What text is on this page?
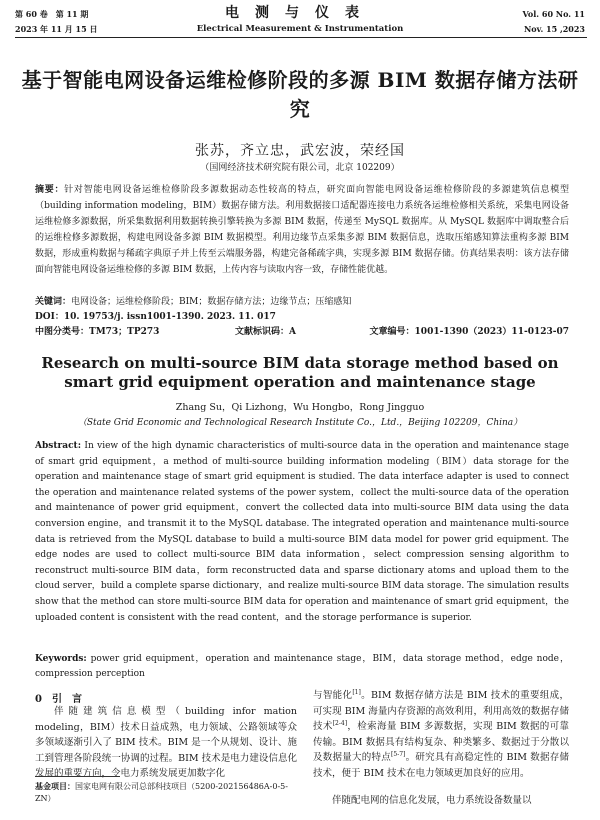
第 60 卷　第 11 期
2023 年 11 月 15 日
电测与仪表
Electrical Measurement & Instrumentation
Vol. 60 No. 11
Nov. 15 ,2023
基于智能电网设备运维检修阶段的多源 BIM 数据存储方法研究
张苏，齐立忠，武宏波，荣经国
（国网经济技术研究院有限公司，北京 102209）

摘要：针对智能电网设备运维检修阶段多源数据动态性较高的特点，研究面向智能电网设备运维检修阶段的多源建筑信息模型（building information modeling，BIM）数据存储方法。利用数据接口适配器连接电力系统各运维检修相关系统，采集电网设备运维检修多源数据，所采集数据利用数据转换引擎转换为多源 BIM 数据，传递至 MySQL 数据库。从 MySQL 数据库中调取整合后的运维检修多源数据，构建电网设备多源 BIM 数据模型。利用边缘节点采集多源 BIM 数据信息，选取压缩感知算法重构多源 BIM 数据，形成重构数据与稀疏字典原子并上传至云端服务器，构建完备稀疏字典，实现多源 BIM 数据存储。仿真结果表明：该方法存储面向智能电网设备运维检修的多源 BIM 数据，上传内容与读取内容一致，存储性能优越。

关键词：电网设备；运维检修阶段；BIM；数据存储方法；边缘节点；压缩感知
DOI：10. 19753/j. issn1001-1390. 2023. 11. 017
中图分类号：TM73；TP273	文献标识码：A	文章编号：1001-1390（2023）11-0123-07
Research on multi-source BIM data storage method based on smart grid equipment operation and maintenance stage
Zhang Su，Qi Lizhong，Wu Hongbo，Rong Jingguo
（State Grid Economic and Technological Research Institute Co.，Ltd.，Beijing 102209，China）

Abstract: In view of the high dynamic characteristics of multi-source data in the operation and maintenance stage of smart grid equipment，a method of multi-source building information modeling（BIM）data storage for the operation and maintenance stage of smart grid equipment is studied. The data interface adapter is used to connect the operation and maintenance related systems of the power system，collect the multi-source data of the operation and maintenance of power grid equipment，convert the collected data into multi-source BIM data using the data conversion engine，and transmit it to the MySQL database. The integrated operation and maintenance multi-source data is retrieved from the MySQL database to build a multi-source BIM data model for power grid equipment. The edge nodes are used to collect multi-source BIM data information，select compression sensing algorithm to reconstruct multi-source BIM data，form reconstructed data and sparse dictionary atoms and upload them to the cloud server，build a complete sparse dictionary，and realize multi-source BIM data storage. The simulation results show that the method can store multi-source BIM data for operation and maintenance of smart grid equipment，the uploaded content is consistent with the read content，and the storage performance is superior.

Keywords: power grid equipment，operation and maintenance stage，BIM，data storage method，edge node，compression perception

0  引　言

伴随建筑信息模型（building infor mation modeling，BIM）技术日益成熟，电力领域、公路领域等众多领域逐渐引入了 BIM 技术。BIM 是一个从规划、设计、施工到管理各阶段统一协调的过程。BIM 技术是电力建设信息化发展的重要方向，令电力系统发展更加数字化

与智能化[1]。BIM 数据存储方法是 BIM 技术的重要组成，可实现 BIM 海量内存资源的高效利用，利用高效的数据存储技术[2-4]，检索海量 BIM 多源数据，实现 BIM 数据的可靠传输。BIM 数据具有结构复杂、种类繁多、数据过于分散以及数据量大的特点[5-7]。研究具有高稳定性的 BIM 数据存储技术，便于 BIM 技术在电力领域更加良好的应用。

伴随配电网的信息化发展，电力系统设备数量以

基金项目：国家电网有限公司总部科技项目（5200-202156486A-0-5-ZN）
